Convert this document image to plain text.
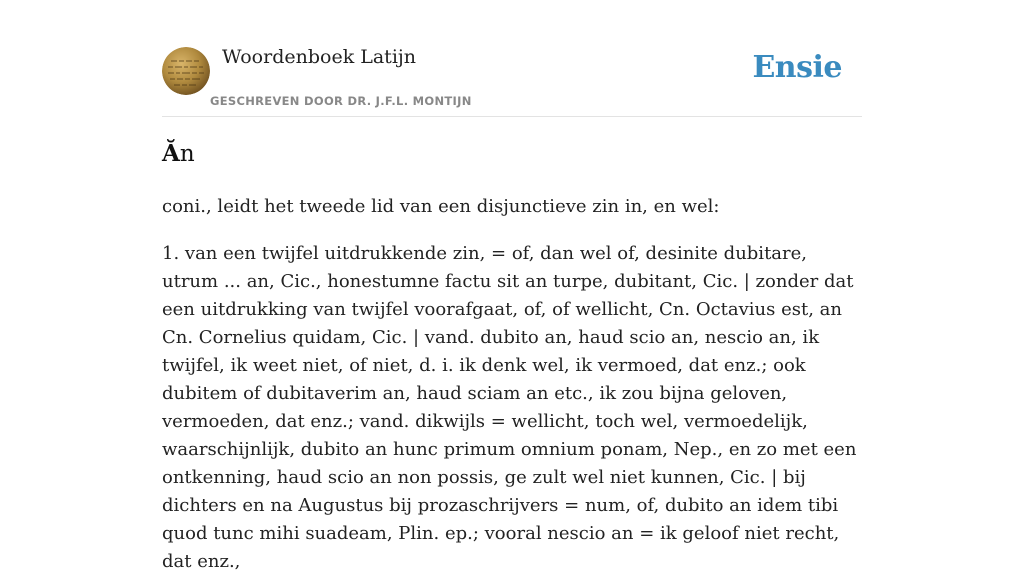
Woordenboek Latijn
GESCHREVEN DOOR DR. J.F.L. MONTIJN
Ensie
Ăn

coni., leidt het tweede lid van een disjunctieve zin in, en wel:

1. van een twijfel uitdrukkende zin, = of, dan wel of, desinite dubitare, utrum ... an, Cic., honestumne factu sit an turpe, dubitant, Cic. | zonder dat een uitdrukking van twijfel voorafgaat, of, of wellicht, Cn. Octavius est, an Cn. Cornelius quidam, Cic. | vand. dubito an, haud scio an, nescio an, ik twijfel, ik weet niet, of niet, d. i. ik denk wel, ik vermoed, dat enz.; ook dubitem of dubitaverim an, haud sciam an etc., ik zou bijna geloven, vermoeden, dat enz.; vand. dikwijls = wellicht, toch wel, vermoedelijk, waarschijnlijk, dubito an hunc primum omnium ponam, Nep., en zo met een ontkenning, haud scio an non possis, ge zult wel niet kunnen, Cic. | bij dichters en na Augustus bij prozaschrijvers = num, of, dubito an idem tibi quod tunc mihi suadeam, Plin. ep.; vooral nescio an = ik geloof niet recht, dat enz.,
